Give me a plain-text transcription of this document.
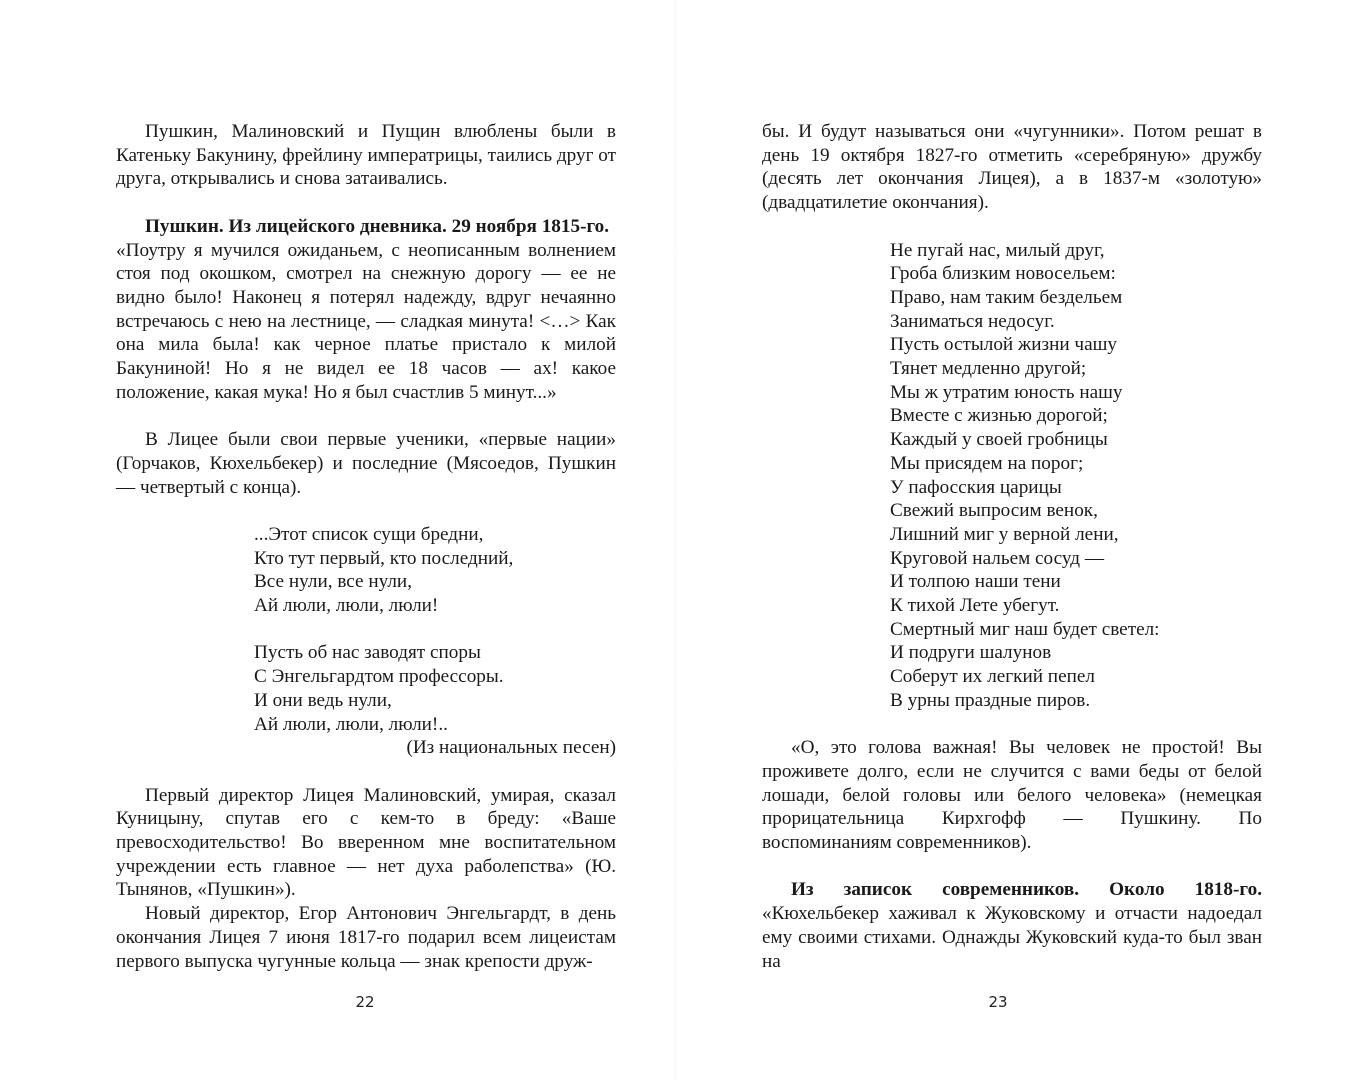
Пушкин, Малиновский и Пущин влюблены были в Катеньку Бакунину, фрейлину императрицы, таились друг от друга, открывались и снова затаивались.

Пушкин. Из лицейского дневника. 29 ноября 1815-го.
«Поутру я мучился ожиданьем, с неописанным волнением стоя под окошком, смотрел на снежную дорогу — ее не видно было! Наконец я потерял надежду, вдруг нечаянно встречаюсь с нею на лестнице, — сладкая минута! <…> Как она мила была! как черное платье пристало к милой Бакуниной! Но я не видел ее 18 часов — ах! какое положение, какая мука! Но я был счастлив 5 минут...»

В Лицее были свои первые ученики, «первые нации» (Горчаков, Кюхельбекер) и последние (Мясоедов, Пушкин — четвертый с конца).

...Этот список сущи бредни,
Кто тут первый, кто последний,
Все нули, все нули,
Ай люли, люли, люли!
Пусть об нас заводят споры
С Энгельгардтом профессоры.
И они ведь нули,
Ай люли, люли, люли!..

(Из национальных песен)

Первый директор Лицея Малиновский, умирая, сказал Куницыну, спутав его с кем-то в бреду: «Ваше превосходительство! Во вверенном мне воспитательном учреждении есть главное — нет духа раболепства» (Ю. Тынянов, «Пушкин»).

Новый директор, Егор Антонович Энгельгардт, в день окончания Лицея 7 июня 1817-го подарил всем лицеистам первого выпуска чугунные кольца — знак крепости друж-

бы. И будут называться они «чугунники». Потом решат в день 19 октября 1827-го отметить «серебряную» дружбу (десять лет окончания Лицея), а в 1837-м «золотую» (двадцатилетие окончания).

Не пугай нас, милый друг,
Гроба близким новосельем:
Право, нам таким бездельем
Заниматься недосуг.
Пусть остылой жизни чашу
Тянет медленно другой;
Мы ж утратим юность нашу
Вместе с жизнью дорогой;
Каждый у своей гробницы
Мы присядем на порог;
У пафосския царицы
Свежий выпросим венок,
Лишний миг у верной лени,
Круговой нальем сосуд —
И толпою наши тени
К тихой Лете убегут.
Смертный миг наш будет светел:
И подруги шалунов
Соберут их легкий пепел
В урны праздные пиров.

«О, это голова важная! Вы человек не простой! Вы проживете долго, если не случится с вами беды от белой лошади, белой головы или белого человека» (немецкая прорицательница Кирхгофф — Пушкину. По воспоминаниям современников).

Из записок современников. Около 1818-го. «Кюхельбекер хаживал к Жуковскому и отчасти надоедал ему своими стихами. Однажды Жуковский куда-то был зван на

22	23
